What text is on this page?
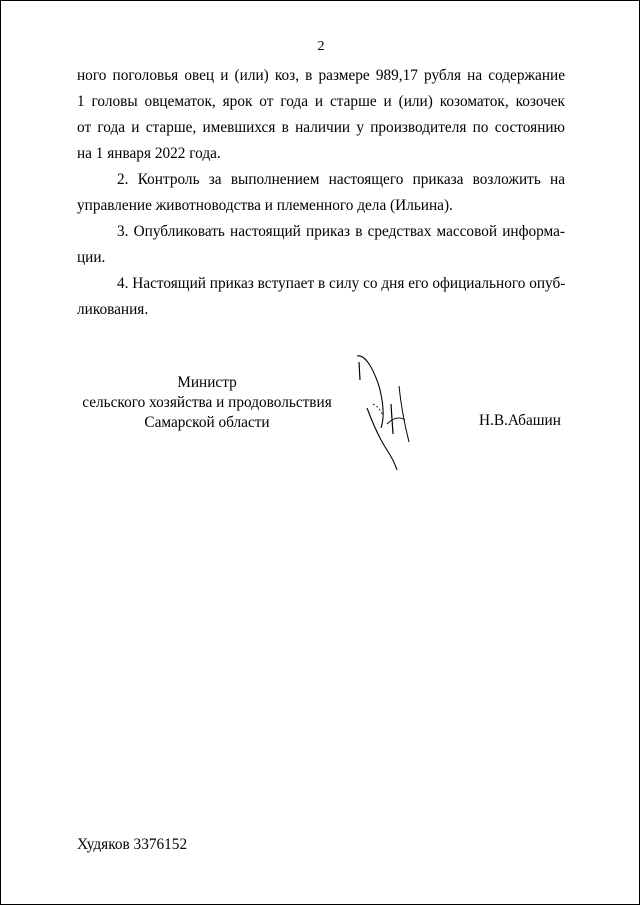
2
ного поголовья овец и (или) коз, в размере 989,17 рубля на содержание
1 головы овцематок, ярок от года и старше и (или) козоматок, козочек
от года и старше, имевшихся в наличии у производителя по состоянию
на 1 января 2022 года.
2. Контроль за выполнением настоящего приказа возложить на
управление животноводства и племенного дела (Ильина).
3. Опубликовать настоящий приказ в средствах массовой информа-
ции.
4. Настоящий приказ вступает в силу со дня его официального опуб-
ликования.
Министр
сельского хозяйства и продовольствия
Самарской области	Н.В.Абашин
Худяков 3376152
